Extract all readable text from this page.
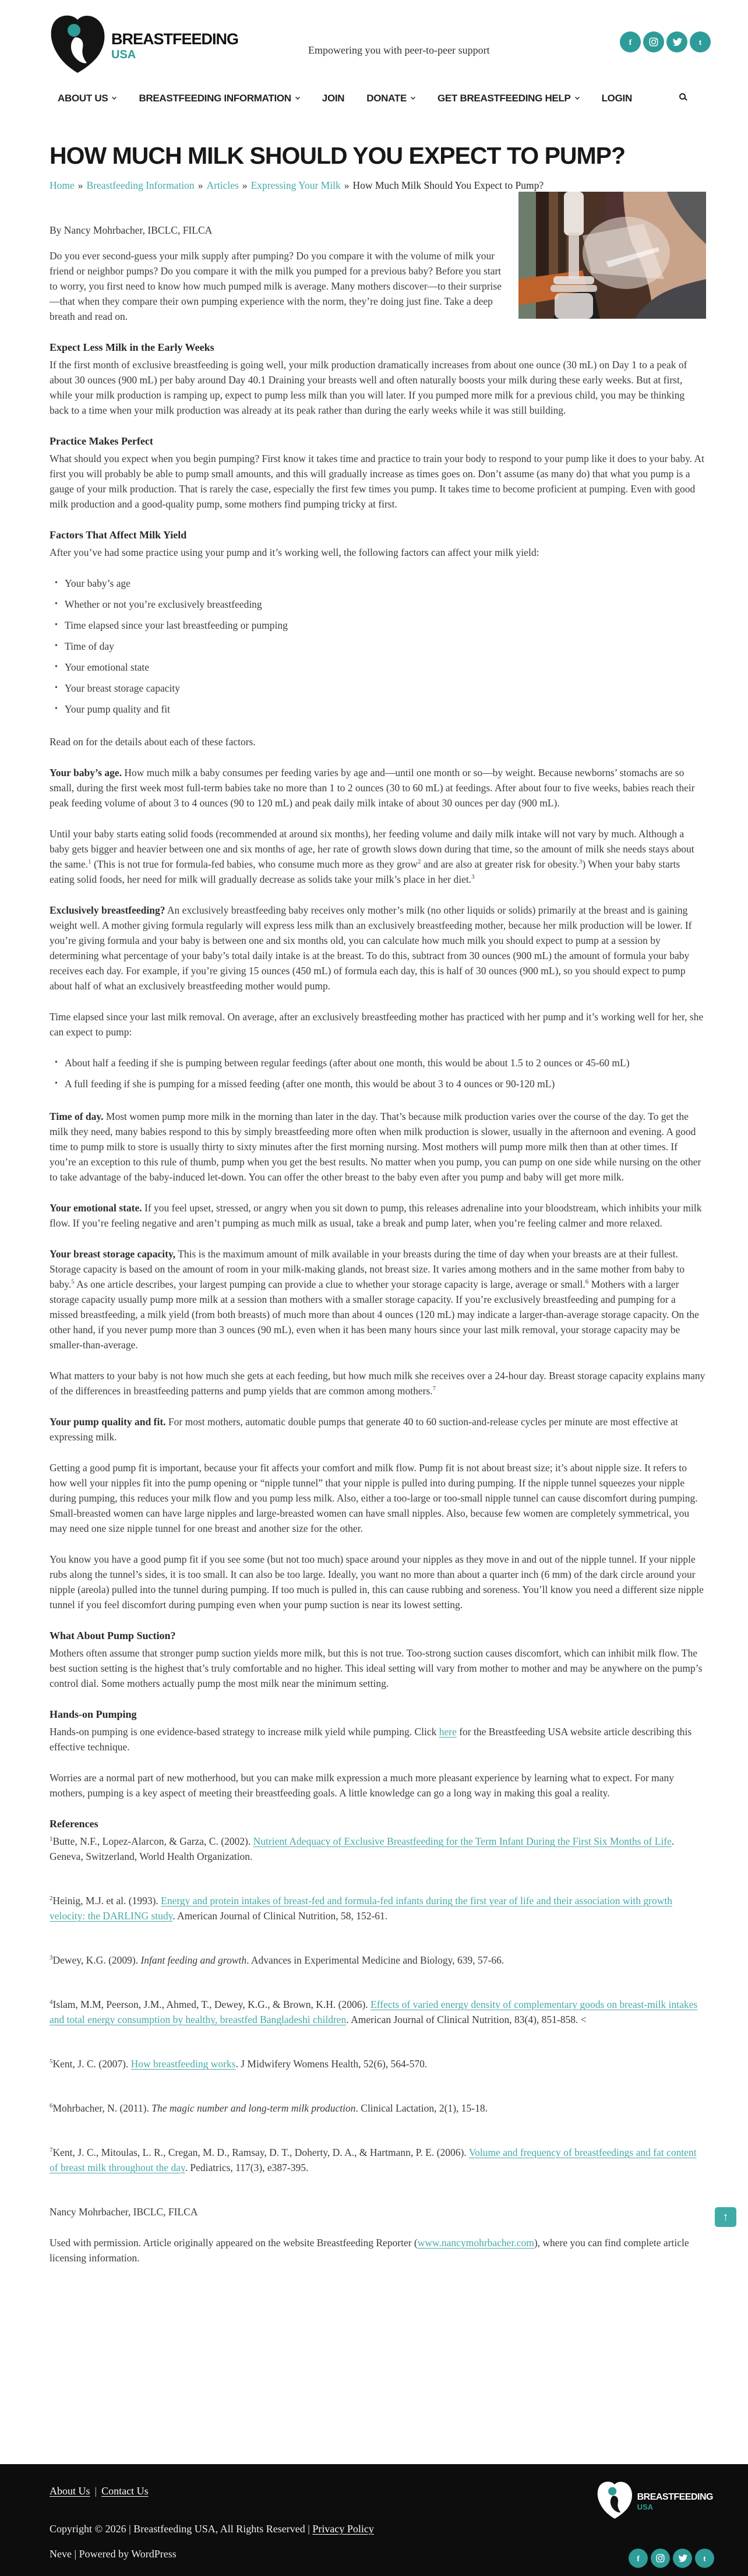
BREASTFEEDING
USA	Empowering you with peer-to-peer support
f	t
ABOUT US	BREASTFEEDING INFORMATION	JOIN DONATE	GET BREASTFEEDING HELP	LOGIN
HOW MUCH MILK SHOULD YOU EXPECT TO PUMP?
Home » Breastfeeding Information » Articles » Expressing Your Milk » How Much Milk Should You Expect to Pump?

By Nancy Mohrbacher, IBCLC, FILCA

Do you ever second-guess your milk supply after pumping? Do you compare it with the volume of milk your friend or neighbor pumps? Do you compare it with the milk you pumped for a previous baby? Before you start to worry, you first need to know how much pumped milk is average. Many mothers discover—to their surprise—that when they compare their own pumping experience with the norm, they’re doing just fine. Take a deep breath and read on.

Expect Less Milk in the Early Weeks

If the first month of exclusive breastfeeding is going well, your milk production dramatically increases from about one ounce (30 mL) on Day 1 to a peak of about 30 ounces (900 mL) per baby around Day 40.1 Draining your breasts well and often naturally boosts your milk during these early weeks. But at first, while your milk production is ramping up, expect to pump less milk than you will later. If you pumped more milk for a previous child, you may be thinking back to a time when your milk production was already at its peak rather than during the early weeks while it was still building.

Practice Makes Perfect

What should you expect when you begin pumping? First know it takes time and practice to train your body to respond to your pump like it does to your baby. At first you will probably be able to pump small amounts, and this will gradually increase as times goes on. Don’t assume (as many do) that what you pump is a gauge of your milk production. That is rarely the case, especially the first few times you pump. It takes time to become proficient at pumping. Even with good milk production and a good-quality pump, some mothers find pumping tricky at first.

Factors That Affect Milk Yield

After you’ve had some practice using your pump and it’s working well, the following factors can affect your milk yield:

• Your baby’s age
• Whether or not you’re exclusively breastfeeding
• Time elapsed since your last breastfeeding or pumping
• Time of day
• Your emotional state
• Your breast storage capacity
• Your pump quality and fit

Read on for the details about each of these factors.

Your baby’s age. How much milk a baby consumes per feeding varies by age and—until one month or so—by weight. Because newborns’ stomachs are so small, during the first week most full-term babies take no more than 1 to 2 ounces (30 to 60 mL) at feedings. After about four to five weeks, babies reach their peak feeding volume of about 3 to 4 ounces (90 to 120 mL) and peak daily milk intake of about 30 ounces per day (900 mL).

Until your baby starts eating solid foods (recommended at around six months), her feeding volume and daily milk intake will not vary by much. Although a baby gets bigger and heavier between one and six months of age, her rate of growth slows down during that time, so the amount of milk she needs stays about the same.$^1$ (This is not true for formula-fed babies, who consume much more as they grow$^2$ and are also at greater risk for obesity.$^3$) When your baby starts eating solid foods, her need for milk will gradually decrease as solids take your milk’s place in her diet.$^3$

Exclusively breastfeeding? An exclusively breastfeeding baby receives only mother’s milk (no other liquids or solids) primarily at the breast and is gaining weight well. A mother giving formula regularly will express less milk than an exclusively breastfeeding mother, because her milk production will be lower. If you’re giving formula and your baby is between one and six months old, you can calculate how much milk you should expect to pump at a session by determining what percentage of your baby’s total daily intake is at the breast. To do this, subtract from 30 ounces (900 mL) the amount of formula your baby receives each day. For example, if you’re giving 15 ounces (450 mL) of formula each day, this is half of 30 ounces (900 mL), so you should expect to pump about half of what an exclusively breastfeeding mother would pump.

Time elapsed since your last milk removal. On average, after an exclusively breastfeeding mother has practiced with her pump and it’s working well for her, she can expect to pump:

• About half a feeding if she is pumping between regular feedings (after about one month, this would be about 1.5 to 2 ounces or 45-60 mL)
• A full feeding if she is pumping for a missed feeding (after one month, this would be about 3 to 4 ounces or 90-120 mL)

Time of day. Most women pump more milk in the morning than later in the day. That’s because milk production varies over the course of the day. To get the milk they need, many babies respond to this by simply breastfeeding more often when milk production is slower, usually in the afternoon and evening. A good time to pump milk to store is usually thirty to sixty minutes after the first morning nursing. Most mothers will pump more milk then than at other times. If you’re an exception to this rule of thumb, pump when you get the best results. No matter when you pump, you can pump on one side while nursing on the other to take advantage of the baby-induced let-down. You can offer the other breast to the baby even after you pump and baby will get more milk.

Your emotional state. If you feel upset, stressed, or angry when you sit down to pump, this releases adrenaline into your bloodstream, which inhibits your milk flow. If you’re feeling negative and aren’t pumping as much milk as usual, take a break and pump later, when you’re feeling calmer and more relaxed.

Your breast storage capacity, This is the maximum amount of milk available in your breasts during the time of day when your breasts are at their fullest. Storage capacity is based on the amount of room in your milk-making glands, not breast size. It varies among mothers and in the same mother from baby to baby.$^5$ As one article describes, your largest pumping can provide a clue to whether your storage capacity is large, average or small.$^6$ Mothers with a larger storage capacity usually pump more milk at a session than mothers with a smaller storage capacity. If you’re exclusively breastfeeding and pumping for a missed breastfeeding, a milk yield (from both breasts) of much more than about 4 ounces (120 mL) may indicate a larger-than-average storage capacity. On the other hand, if you never pump more than 3 ounces (90 mL), even when it has been many hours since your last milk removal, your storage capacity may be smaller-than-average.

What matters to your baby is not how much she gets at each feeding, but how much milk she receives over a 24-hour day. Breast storage capacity explains many of the differences in breastfeeding patterns and pump yields that are common among mothers.$^7$

Your pump quality and fit. For most mothers, automatic double pumps that generate 40 to 60 suction-and-release cycles per minute are most effective at expressing milk.

Getting a good pump fit is important, because your fit affects your comfort and milk flow. Pump fit is not about breast size; it’s about nipple size. It refers to how well your nipples fit into the pump opening or “nipple tunnel” that your nipple is pulled into during pumping. If the nipple tunnel squeezes your nipple during pumping, this reduces your milk flow and you pump less milk. Also, either a too-large or too-small nipple tunnel can cause discomfort during pumping. Small-breasted women can have large nipples and large-breasted women can have small nipples. Also, because few women are completely symmetrical, you may need one size nipple tunnel for one breast and another size for the other.

You know you have a good pump fit if you see some (but not too much) space around your nipples as they move in and out of the nipple tunnel. If your nipple rubs along the tunnel’s sides, it is too small. It can also be too large. Ideally, you want no more than about a quarter inch (6 mm) of the dark circle around your nipple (areola) pulled into the tunnel during pumping. If too much is pulled in, this can cause rubbing and soreness. You’ll know you need a different size nipple tunnel if you feel discomfort during pumping even when your pump suction is near its lowest setting.

What About Pump Suction?

Mothers often assume that stronger pump suction yields more milk, but this is not true. Too-strong suction causes discomfort, which can inhibit milk flow. The best suction setting is the highest that’s truly comfortable and no higher. This ideal setting will vary from mother to mother and may be anywhere on the pump’s control dial. Some mothers actually pump the most milk near the minimum setting.

Hands-on Pumping

Hands-on pumping is one evidence-based strategy to increase milk yield while pumping. Click here for the Breastfeeding USA website article describing this effective technique.

Worries are a normal part of new motherhood, but you can make milk expression a much more pleasant experience by learning what to expect. For many mothers, pumping is a key aspect of meeting their breastfeeding goals. A little knowledge can go a long way in making this goal a reality.

References

$^1$Butte, N.F., Lopez-Alarcon, & Garza, C. (2002). Nutrient Adequacy of Exclusive Breastfeeding for the Term Infant During the First Six Months of Life. Geneva, Switzerland, World Health Organization.

$^2$Heinig, M.J. et al. (1993). Energy and protein intakes of breast-fed and formula-fed infants during the first year of life and their association with growth velocity: the DARLING study. American Journal of Clinical Nutrition, 58, 152-61.

$^3$Dewey, K.G. (2009). Infant feeding and growth. Advances in Experimental Medicine and Biology, 639, 57-66.

$^4$Islam, M.M, Peerson, J.M., Ahmed, T., Dewey, K.G., & Brown, K.H. (2006). Effects of varied energy density of complementary goods on breast-milk intakes and total energy consumption by healthy, breastfed Bangladeshi children. American Journal of Clinical Nutrition, 83(4), 851-858. <

$^5$Kent, J. C. (2007). How breastfeeding works. J Midwifery Womens Health, 52(6), 564-570.

$^6$Mohrbacher, N. (2011). The magic number and long-term milk production. Clinical Lactation, 2(1), 15-18.

$^7$Kent, J. C., Mitoulas, L. R., Cregan, M. D., Ramsay, D. T., Doherty, D. A., & Hartmann, P. E. (2006). Volume and frequency of breastfeedings and fat content of breast milk throughout the day. Pediatrics, 117(3), e387-395.

Nancy Mohrbacher, IBCLC, FILCA

Used with permission. Article originally appeared on the website Breastfeeding Reporter (www.nancymohrbacher.com), where you can find complete article licensing information.

↑
About Us | Contact Us
Copyright © 2026 | Breastfeeding USA, All Rights Reserved | Privacy Policy
Neve | Powered by WordPress
BREASTFEEDING
USA
f	t
